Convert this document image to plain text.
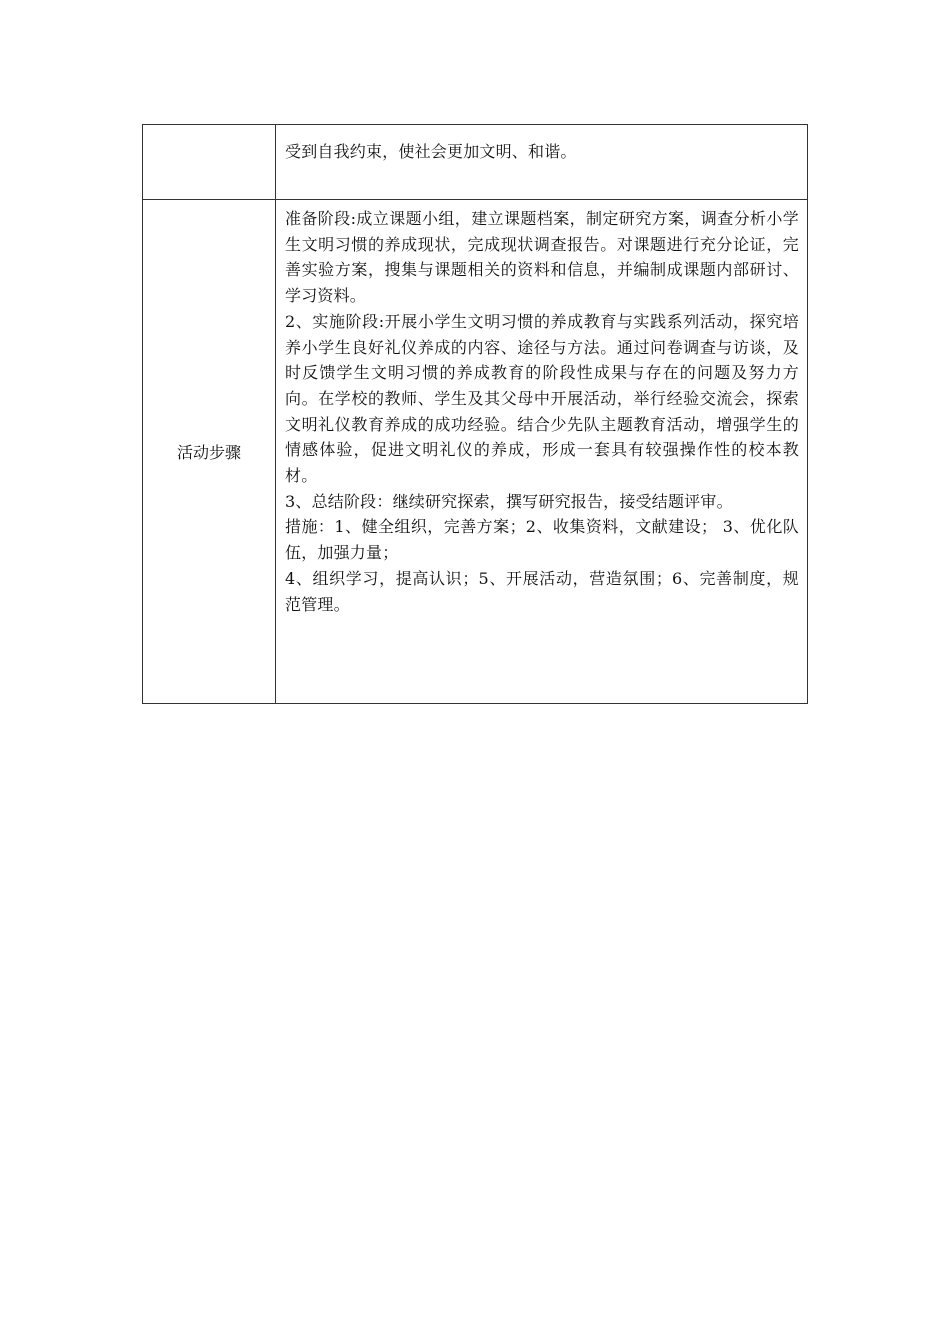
	受到自我约束，使社会更加文明、和谐。

活动步骤	准备阶段:成立课题小组，建立课题档案，制定研究方案，调查分析小学生文明习惯的养成现状，完成现状调查报告。对课题进行充分论证，完善实验方案，搜集与课题相关的资料和信息，并编制成课题内部研讨、学习资料。

2、实施阶段:开展小学生文明习惯的养成教育与实践系列活动，探究培养小学生良好礼仪养成的内容、途径与方法。通过问卷调查与访谈，及时反馈学生文明习惯的养成教育的阶段性成果与存在的问题及努力方向。在学校的教师、学生及其父母中开展活动，举行经验交流会，探索文明礼仪教育养成的成功经验。结合少先队主题教育活动，增强学生的情感体验，促进文明礼仪的养成，形成一套具有较强操作性的校本教材。

3、总结阶段：继续研究探索，撰写研究报告，接受结题评审。

措施：1、健全组织，完善方案；2、收集资料，文献建设； 3、优化队伍，加强力量；

4、组织学习，提高认识；5、开展活动，营造氛围；6、完善制度，规范管理。
